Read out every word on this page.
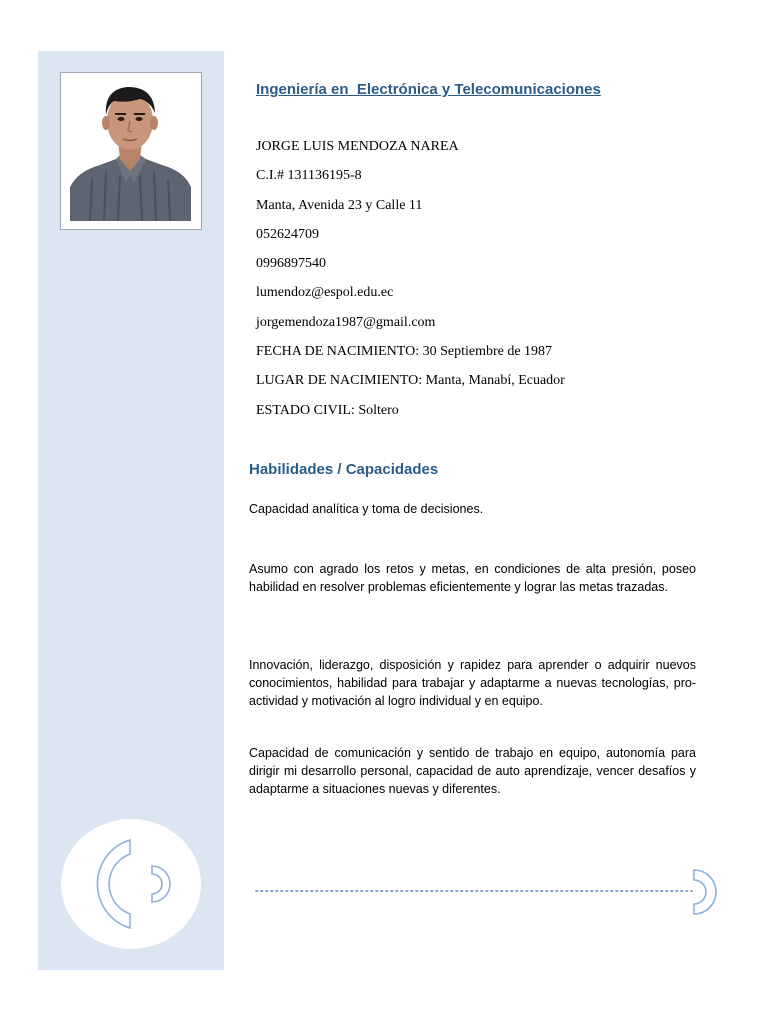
Ingeniería en  Electrónica y Telecomunicaciones
JORGE LUIS MENDOZA NAREA
C.I.# 131136195-8
Manta, Avenida 23 y Calle 11
052624709
0996897540
lumendoz@espol.edu.ec
jorgemendoza1987@gmail.com
FECHA DE NACIMIENTO: 30 Septiembre de 1987
LUGAR DE NACIMIENTO: Manta, Manabí, Ecuador
ESTADO CIVIL: Soltero
Habilidades / Capacidades
Capacidad analítica y toma de decisiones.
Asumo con agrado los retos y metas, en condiciones de alta presión, poseo habilidad en resolver problemas eficientemente y lograr las metas trazadas.
Innovación, liderazgo, disposición y rapidez para aprender o adquirir nuevos conocimientos, habilidad para trabajar y adaptarme a nuevas tecnologías, pro-actividad y motivación al logro individual y en equipo.
Capacidad de comunicación y sentido de trabajo en equipo, autonomía para dirigir mi desarrollo personal, capacidad de auto aprendizaje, vencer desafíos y adaptarme a situaciones nuevas y diferentes.
